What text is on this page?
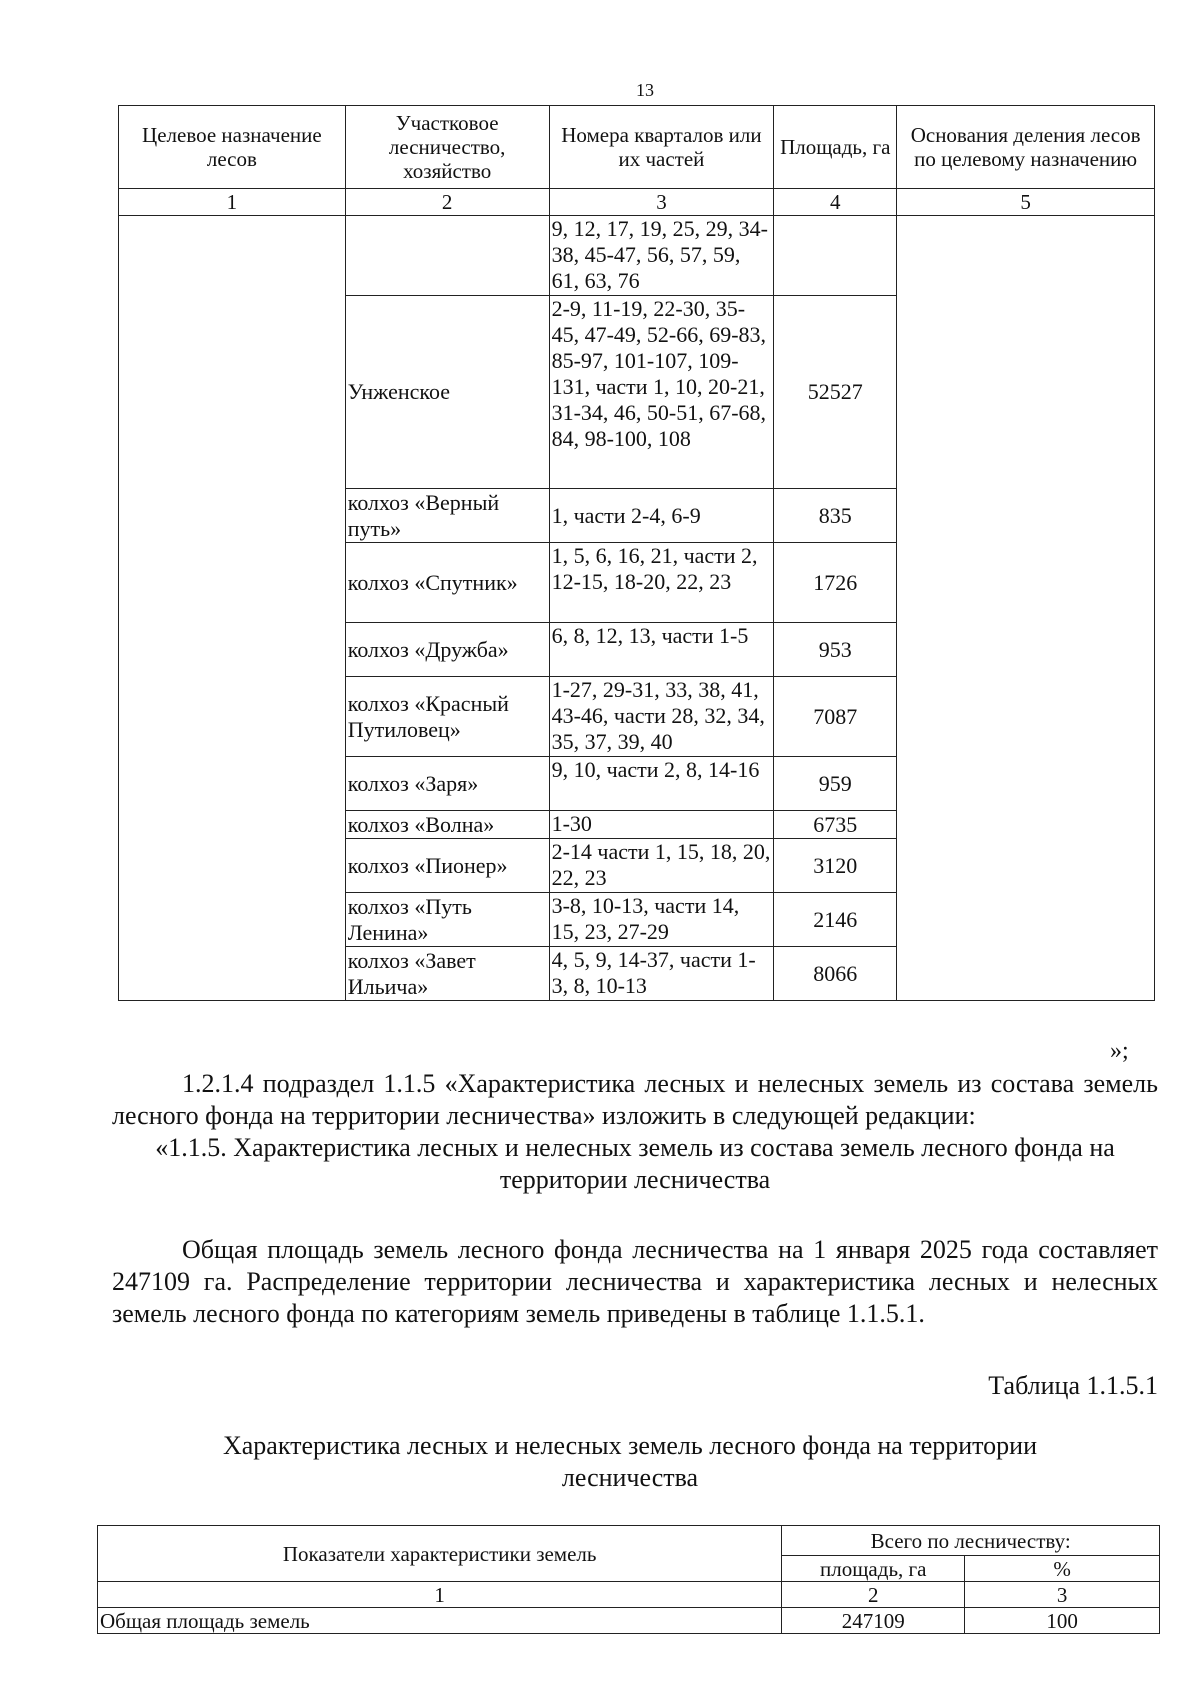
13
Целевое назначение лесов	Участковое лесничество, хозяйство	Номера кварталов или их частей	Площадь, га	Основания деления лесов по целевому назначению
1	2	3	4	5
		9, 12, 17, 19, 25, 29, 34-38, 45-47, 56, 57, 59, 61, 63, 76		
	Унженское	2-9, 11-19, 22-30, 35-45, 47-49, 52-66, 69-83, 85-97, 101-107, 109-131, части 1, 10, 20-21, 31-34, 46, 50-51, 67-68, 84, 98-100, 108	52527	
	колхоз «Верный путь»	1, части 2-4, 6-9	835	
	колхоз «Спутник»	1, 5, 6, 16, 21, части 2, 12-15, 18-20, 22, 23	1726	
	колхоз «Дружба»	6, 8, 12, 13, части 1-5	953	
	колхоз «Красный Путиловец»	1-27, 29-31, 33, 38, 41, 43-46, части 28, 32, 34, 35, 37, 39, 40	7087	
	колхоз «Заря»	9, 10, части 2, 8, 14-16	959	
	колхоз «Волна»	1-30	6735	
	колхоз «Пионер»	2-14 части 1, 15, 18, 20, 22, 23	3120	
	колхоз «Путь Ленина»	3-8, 10-13, части 14, 15, 23, 27-29	2146	
	колхоз «Завет Ильича»	4, 5, 9, 14-37, части 1-3, 8, 10-13	8066	
»;

1.2.1.4 подраздел 1.1.5 «Характеристика лесных и нелесных земель из состава земель лесного фонда на территории лесничества» изложить в следующей редакции:

«1.1.5. Характеристика лесных и нелесных земель из состава земель лесного фонда на территории лесничества

Общая площадь земель лесного фонда лесничества на 1 января 2025 года составляет 247109 га. Распределение территории лесничества и характеристика лесных и нелесных земель лесного фонда по категориям земель приведены в таблице 1.1.5.1.

Таблица 1.1.5.1

Характеристика лесных и нелесных земель лесного фонда на территории лесничества

Показатели характеристики земель	Всего по лесничеству:	
	площадь, га	%
1	2	3
Общая площадь земель	247109	100
